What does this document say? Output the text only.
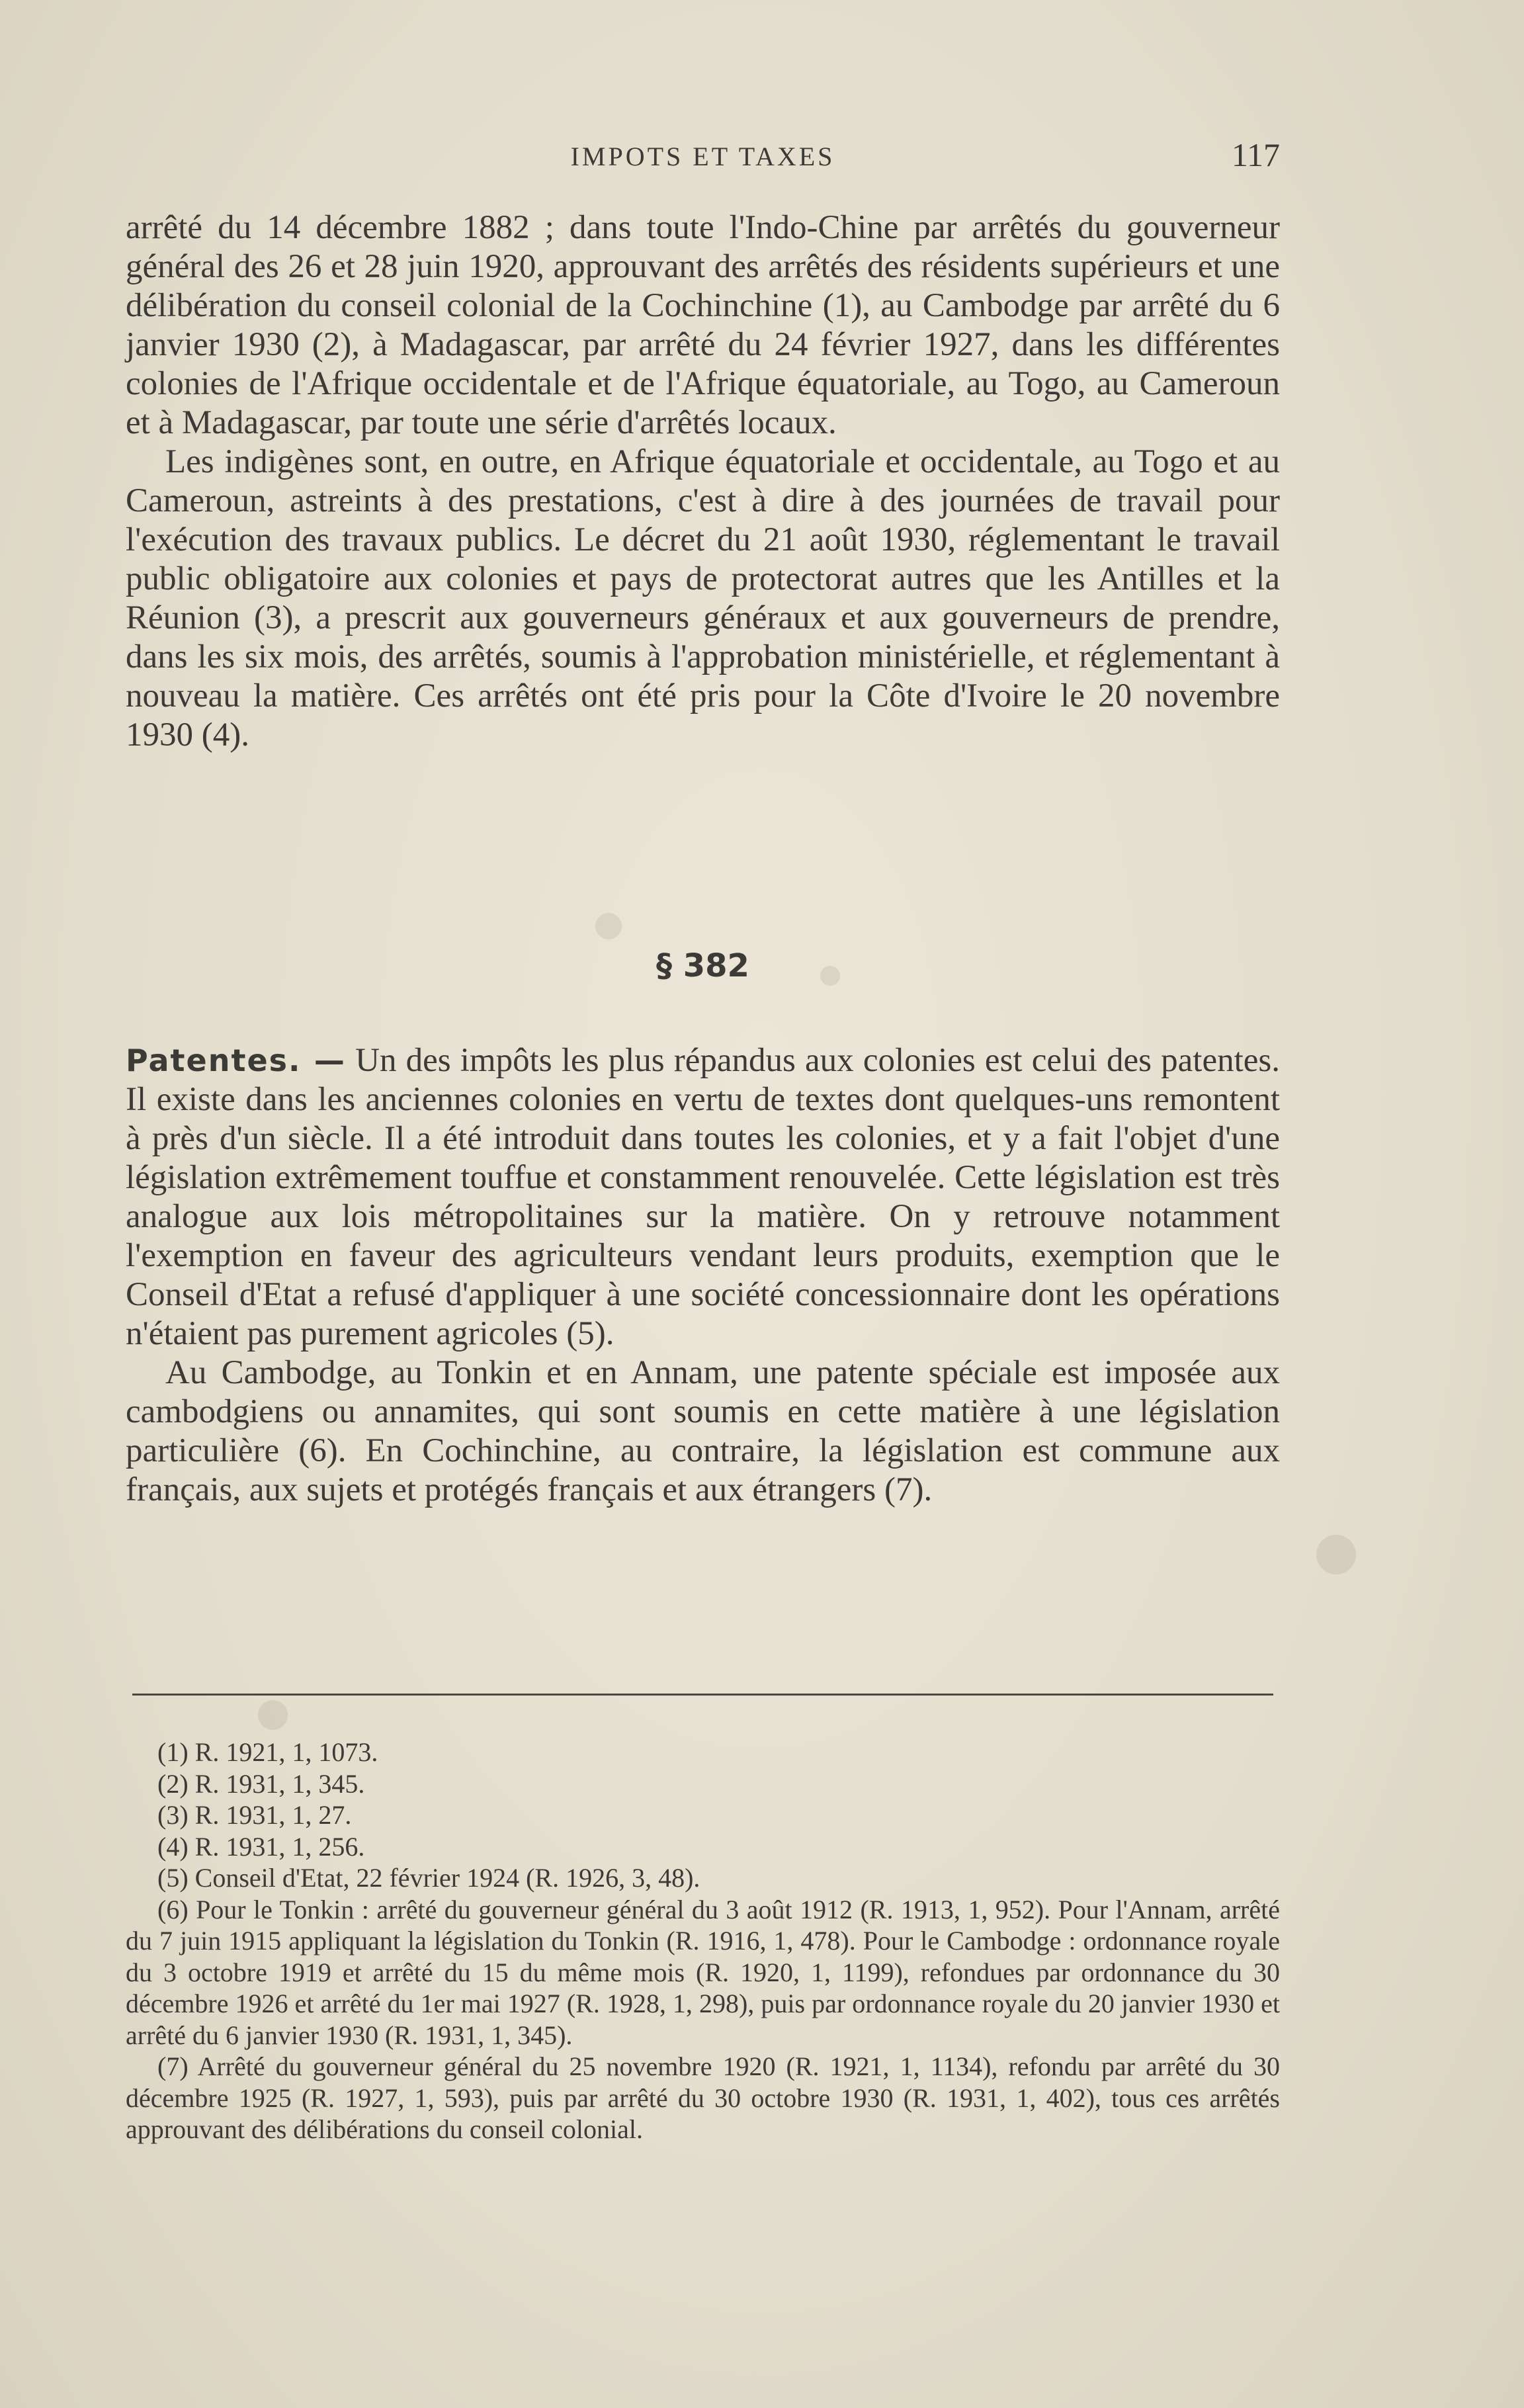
IMPOTS ET TAXES	117

arrêté du 14 décembre 1882 ; dans toute l'Indo-Chine par arrêtés du gouverneur général des 26 et 28 juin 1920, approuvant des arrêtés des résidents supérieurs et une délibération du conseil colonial de la Cochinchine (1), au Cambodge par arrêté du 6 janvier 1930 (2), à Madagascar, par arrêté du 24 février 1927, dans les différentes colonies de l'Afrique occidentale et de l'Afrique équatoriale, au Togo, au Cameroun et à Madagascar, par toute une série d'arrêtés locaux.

Les indigènes sont, en outre, en Afrique équatoriale et occidentale, au Togo et au Cameroun, astreints à des prestations, c'est à dire à des journées de travail pour l'exécution des travaux publics. Le décret du 21 août 1930, réglementant le travail public obligatoire aux colonies et pays de protectorat autres que les Antilles et la Réunion (3), a prescrit aux gouverneurs généraux et aux gouverneurs de prendre, dans les six mois, des arrêtés, soumis à l'approbation ministérielle, et réglementant à nouveau la matière. Ces arrêtés ont été pris pour la Côte d'Ivoire le 20 novembre 1930 (4).

§ 382

Patentes. — Un des impôts les plus répandus aux colonies est celui des patentes. Il existe dans les anciennes colonies en vertu de textes dont quelques-uns remontent à près d'un siècle. Il a été introduit dans toutes les colonies, et y a fait l'objet d'une législation extrêmement touffue et constamment renouvelée. Cette législation est très analogue aux lois métropolitaines sur la matière. On y retrouve notamment l'exemption en faveur des agriculteurs vendant leurs produits, exemption que le Conseil d'Etat a refusé d'appliquer à une société concessionnaire dont les opérations n'étaient pas purement agricoles (5).

Au Cambodge, au Tonkin et en Annam, une patente spéciale est imposée aux cambodgiens ou annamites, qui sont soumis en cette matière à une législation particulière (6). En Cochinchine, au contraire, la législation est commune aux français, aux sujets et protégés français et aux étrangers (7).

(1) R. 1921, 1, 1073.

(2) R. 1931, 1, 345.

(3) R. 1931, 1, 27.

(4) R. 1931, 1, 256.

(5) Conseil d'Etat, 22 février 1924 (R. 1926, 3, 48).

(6) Pour le Tonkin : arrêté du gouverneur général du 3 août 1912 (R. 1913, 1, 952). Pour l'Annam, arrêté du 7 juin 1915 appliquant la législation du Tonkin (R. 1916, 1, 478). Pour le Cambodge : ordonnance royale du 3 octobre 1919 et arrêté du 15 du même mois (R. 1920, 1, 1199), refondues par ordonnance du 30 décembre 1926 et arrêté du 1er mai 1927 (R. 1928, 1, 298), puis par ordonnance royale du 20 janvier 1930 et arrêté du 6 janvier 1930 (R. 1931, 1, 345).

(7) Arrêté du gouverneur général du 25 novembre 1920 (R. 1921, 1, 1134), refondu par arrêté du 30 décembre 1925 (R. 1927, 1, 593), puis par arrêté du 30 octobre 1930 (R. 1931, 1, 402), tous ces arrêtés approuvant des délibérations du conseil colonial.
